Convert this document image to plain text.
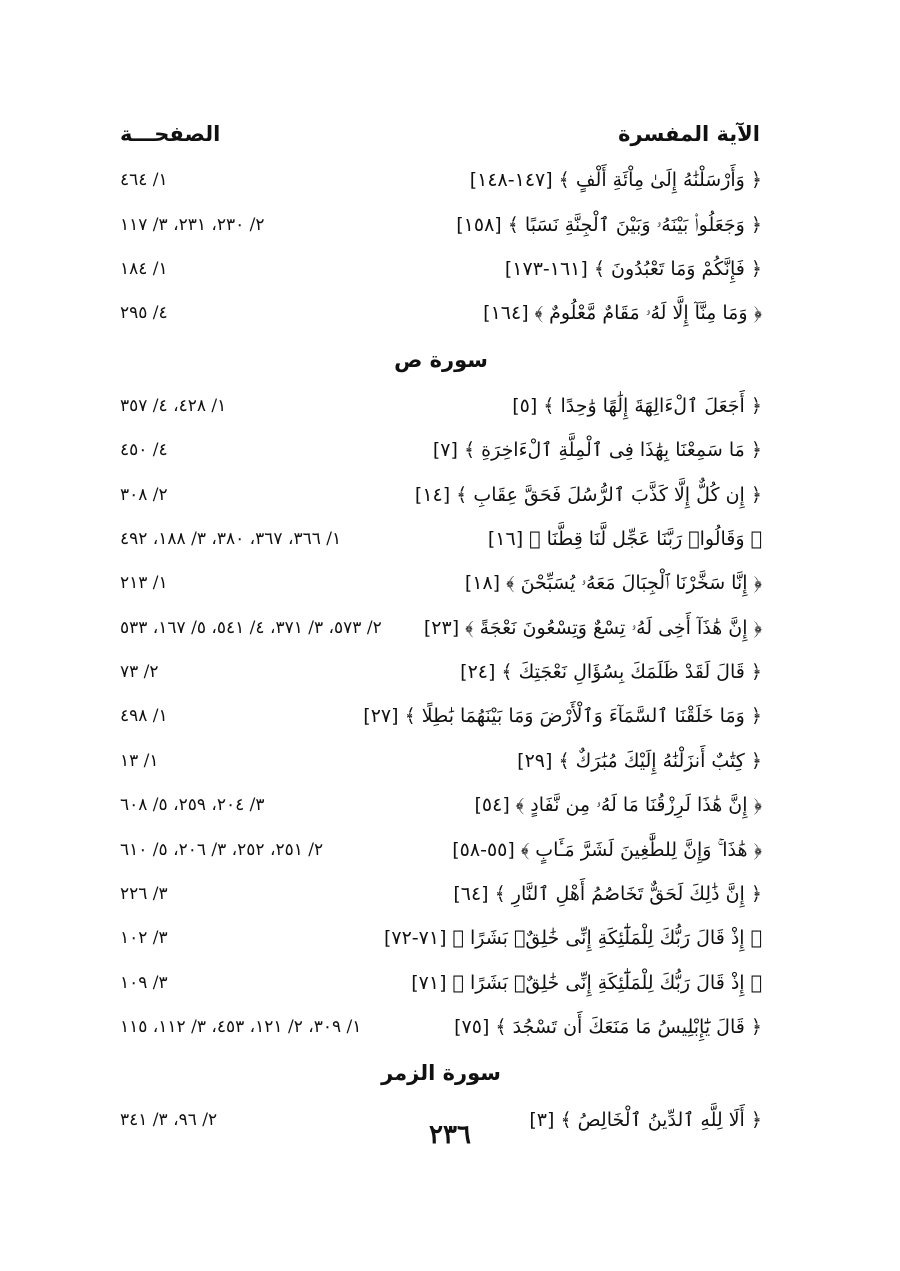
الصفحـــة	الآية المفسرة
١/ ٤٦٤	﴿ وَأَرْسَلْنَٰهُ إِلَىٰ مِاْئَةِ أَلْفٍ ﴾ [١٤٧-١٤٨]
٢/ ٢٣٠، ٢٣١، ٣/ ١١٧	﴿ وَجَعَلُوا۟ بَيْنَهُۥ وَبَيْنَ ٱلْجِنَّةِ نَسَبًا ﴾ [١٥٨]
١/ ١٨٤	﴿ فَإِنَّكُمْ وَمَا تَعْبُدُونَ ﴾ [١٦١-١٧٣]
٤/ ٢٩٥	﴿ وَمَا مِنَّآ إِلَّا لَهُۥ مَقَامٌ مَّعْلُومٌ ﴾ [١٦٤]
سورة ص
١/ ٤٢٨، ٤/ ٣٥٧	﴿ أَجَعَلَ ٱلْءَالِهَةَ إِلَٰهًا وَٰحِدًا ﴾ [٥]
٤/ ٤٥٠	﴿ مَا سَمِعْنَا بِهَٰذَا فِى ٱلْمِلَّةِ ٱلْءَاخِرَةِ ﴾ [٧]
٢/ ٣٠٨	﴿ إِن كُلٌّ إِلَّا كَذَّبَ ٱلرُّسُلَ فَحَقَّ عِقَابِ ﴾ [١٤]
١/ ٣٦٦، ٣٦٧، ٣٨٠، ٣/ ١٨٨، ٤٩٢	﴿ وَقَالُوا۟ رَبَّنَا عَجِّل لَّنَا قِطَّنَا ﴾ [١٦]
١/ ٢١٣	﴿ إِنَّا سَخَّرْنَا ٱلْجِبَالَ مَعَهُۥ يُسَبِّحْنَ ﴾ [١٨]
٢/ ٥٧٣، ٣/ ٣٧١، ٤/ ٥٤١، ٥/ ١٦٧، ٥٣٣ ﴿ إِنَّ هَٰذَآ أَخِى لَهُۥ تِسْعٌ وَتِسْعُونَ نَعْجَةً ﴾ [٢٣]
٢/ ٧٣	﴿ قَالَ لَقَدْ ظَلَمَكَ بِسُؤَالِ نَعْجَتِكَ ﴾ [٢٤]
١/ ٤٩٨	﴿ وَمَا خَلَقْنَا ٱلسَّمَآءَ وَٱلْأَرْضَ وَمَا بَيْنَهُمَا بَٰطِلًا ﴾ [٢٧]
١/ ١٣	﴿ كِتَٰبٌ أَنزَلْنَٰهُ إِلَيْكَ مُبَٰرَكٌ ﴾ [٢٩]
٣/ ٢٠٤، ٢٥٩، ٥/ ٦٠٨	﴿ إِنَّ هَٰذَا لَرِزْقُنَا مَا لَهُۥ مِن نَّفَادٍ ﴾ [٥٤]
٢/ ٢٥١، ٢٥٢، ٣/ ٢٠٦، ٥/ ٦١٠	﴿ هَٰذَا ۚ وَإِنَّ لِلطَّٰغِينَ لَشَرَّ مَـَٔابٍ ﴾ [٥٥-٥٨]
٣/ ٢٢٦	﴿ إِنَّ ذَٰلِكَ لَحَقٌّ تَخَاصُمُ أَهْلِ ٱلنَّارِ ﴾ [٦٤]
٣/ ١٠٢	﴿ إِذْ قَالَ رَبُّكَ لِلْمَلَٰٓئِكَةِ إِنِّى خَٰلِقٌۢ بَشَرًا ﴾ [٧١-٧٢]
٣/ ١٠٩	﴿ إِذْ قَالَ رَبُّكَ لِلْمَلَٰٓئِكَةِ إِنِّى خَٰلِقٌۢ بَشَرًا ﴾ [٧١]
١/ ٣٠٩، ٢/ ١٢١، ٤٥٣، ٣/ ١١٢، ١١٥	﴿ قَالَ يَٰٓإِبْلِيسُ مَا مَنَعَكَ أَن تَسْجُدَ ﴾ [٧٥]
سورة الزمر
٢/ ٩٦، ٣/ ٣٤١	﴿ أَلَا لِلَّهِ ٱلدِّينُ ٱلْخَالِصُ ﴾ [٣]
٢٣٦
